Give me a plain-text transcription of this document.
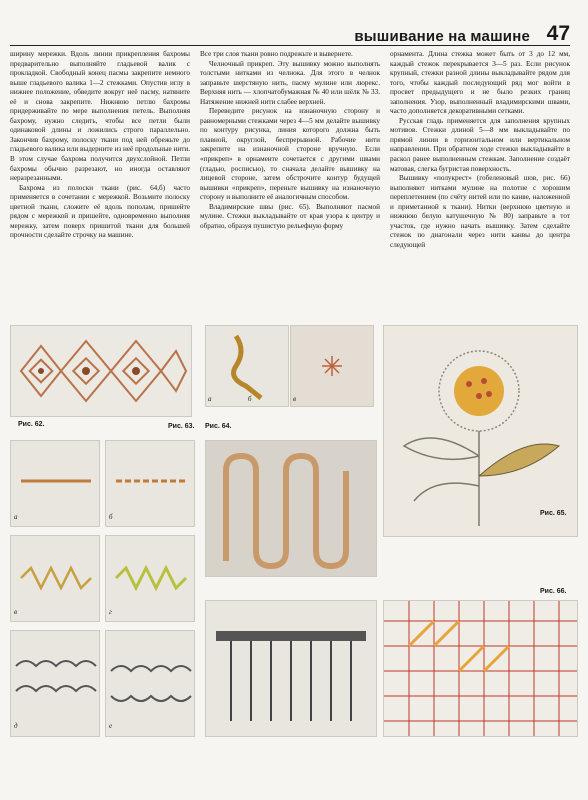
вышивание на машине 47

ширину мережки. Вдоль линии прикрепления бахромы предварительно выполняйте гладьевой валик с прокладкой. Свободный конец пасмы закрепите немного выше гладьевого валика 1—2 стежками. Опустив иглу в нижнее положение, обведите вокруг неё пасму, натяните её и снова закрепите. Нижнюю петлю бахромы придерживайте по мере выполнения петель. Выполняя бахрому, нужно следить, чтобы все петли были одинаковой длины и ложились строго параллельно. Закончив бахрому, полоску ткани под ней обрежьте до гладьевого валика или выдерните из неё продольные нити. В этом случае бахрома получится двухслойной. Петли бахромы обычно разрезают, но иногда оставляют неразрезанными.

Бахрома из полоски ткани (рис. 64,б) часто применяется в сочетании с мережкой. Возьмите полоску цветной ткани, сложите её вдоль пополам, пришейте рядом с мережкой и пришейте, одновременно выполняя мережку, затем поверх пришитой ткани для большей прочности сделайте строчку на машине.

Все три слоя ткани ровно подрежьте и вывернете.

Челночный прикреп. Эту вышивку можно выполнять толстыми нитками из челнока. Для этого в челнок заправьте шерстяную нить, пасму мулине или люрекс. Верхняя нить — хлопчатобумажная № 40 или шёлк № 33. Натяжение нижней нити слабее верхней.

Переведите рисунок на изнаночную сторону и равномерными стежками через 4—5 мм делайте вышивку по контуру рисунка, линия которого должна быть плавной, округлой, беспрерывной. Рабочие нити закрепите на изнаночной стороне вручную. Если «прикреп» в орнаменте сочетается с другими швами (гладью, росписью), то сначала делайте вышивку на лицевой стороне, затем обстрочите контур будущей вышивки «прикреп», переньте вышивку на изнаночную сторону и выполните её аналогичным способом.

Владимирские швы (рис. 65). Выполняют пасмой мулине. Стежки выкладывайте от края узора к центру и обратно, образуя пушистую рельефную форму

орнамента. Длина стежка может быть от 3 до 12 мм, каждый стежок перекрывается 3—5 раз. Если рисунок крупный, стежки разной длины выкладывайте рядом для того, чтобы каждый последующий ряд мог войти в просвет предыдущего и не было резких границ заполнения. Узор, выполненный владимирскими швами, часто дополняется декоративными сетками.

Русская гладь применяется для заполнения крупных мотивов. Стежки длиной 5—8 мм выкладывайте по прямой линии в горизонтальном или вертикальном направлении. При обратном ходе стежки выкладывайте в раскол ранее выполненным стежкам. Заполнение создаёт матовая, слегка бугристая поверхность.

Вышивку «полукрест» (гобеленовый шов, рис. 66) выполняют нитками мулине на полотне с хорошим переплетением (по счёту нитей или по канве, наложенной и приметанной к ткани). Нитки (верхнюю цветную и нижнюю белую катушечную № 80) заправьте в тот участок, где нужно начать вышивку. Затем сделайте стежок по диагонали через нити канвы до центра следующей

Рис. 62.
а	б	в
Рис. 63. Рис. 64.
Рис. 65.
а	б
в	г
д	е
Рис. 66.
